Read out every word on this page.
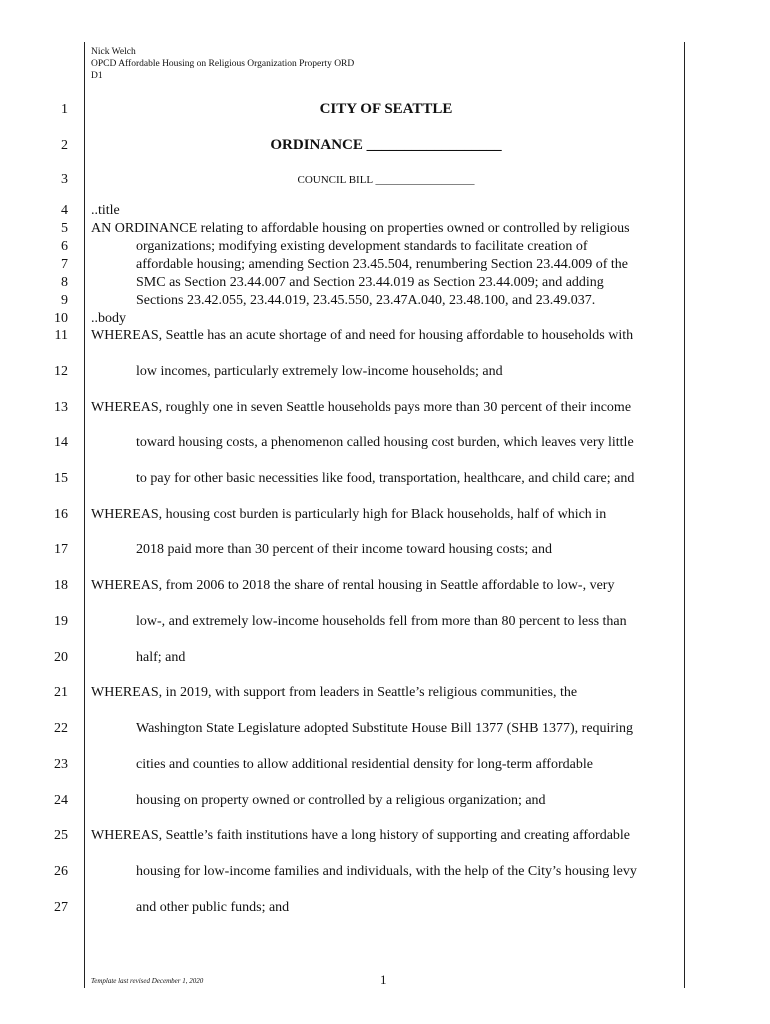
Nick Welch
OPCD Affordable Housing on Religious Organization Property ORD
D1
1
2
3
4
5
6
7
8
9
10
11
12
13
14
15
16
17
18
19
20
21
22
23
24
25
26
27
CITY OF SEATTLE
ORDINANCE __________________
COUNCIL BILL __________________
..title
AN ORDINANCE relating to affordable housing on properties owned or controlled by religious
organizations; modifying existing development standards to facilitate creation of
affordable housing; amending Section 23.45.504, renumbering Section 23.44.009 of the
SMC as Section 23.44.007 and Section 23.44.019 as Section 23.44.009; and adding
Sections 23.42.055, 23.44.019, 23.45.550, 23.47A.040, 23.48.100, and 23.49.037.
..body
WHEREAS, Seattle has an acute shortage of and need for housing affordable to households with
low incomes, particularly extremely low-income households; and
WHEREAS, roughly one in seven Seattle households pays more than 30 percent of their income
toward housing costs, a phenomenon called housing cost burden, which leaves very little
to pay for other basic necessities like food, transportation, healthcare, and child care; and
WHEREAS, housing cost burden is particularly high for Black households, half of which in
2018 paid more than 30 percent of their income toward housing costs; and
WHEREAS, from 2006 to 2018 the share of rental housing in Seattle affordable to low-, very
low-, and extremely low-income households fell from more than 80 percent to less than
half; and
WHEREAS, in 2019, with support from leaders in Seattle’s religious communities, the
Washington State Legislature adopted Substitute House Bill 1377 (SHB 1377), requiring
cities and counties to allow additional residential density for long-term affordable
housing on property owned or controlled by a religious organization; and
WHEREAS, Seattle’s faith institutions have a long history of supporting and creating affordable
housing for low-income families and individuals, with the help of the City’s housing levy
and other public funds; and
Template last revised December 1, 2020	1
